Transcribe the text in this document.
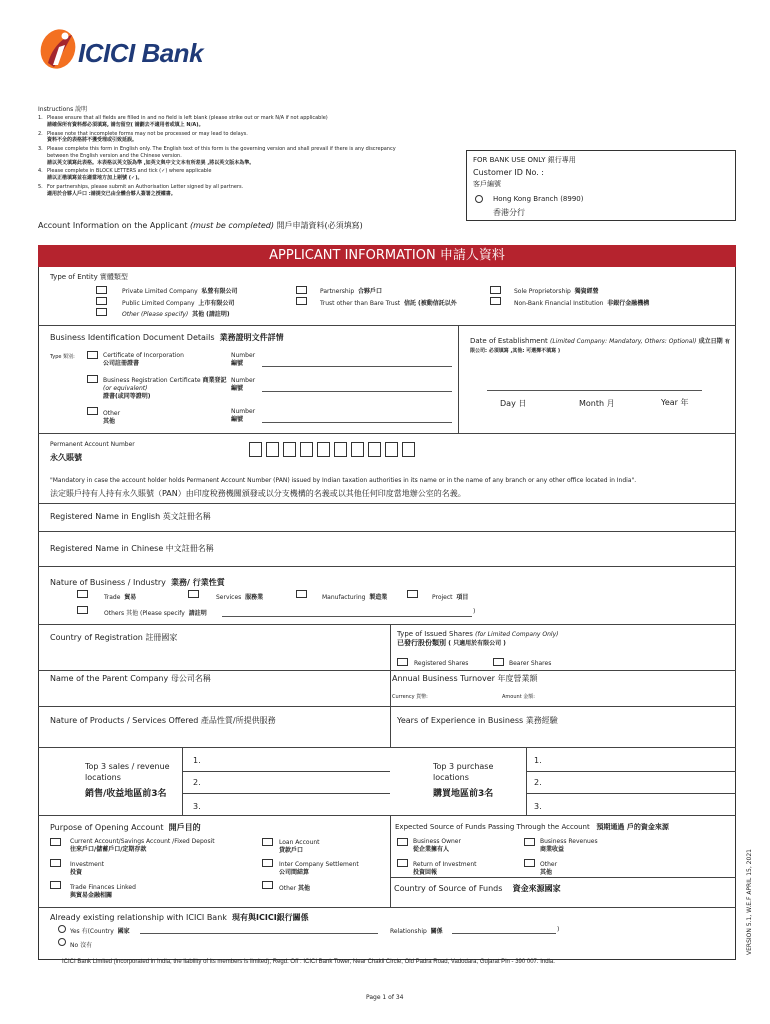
ICICI Bank
Instructions 說明
1. Please ensure that all fields are filled in and no field is left blank (please strike out or mark N/A if not applicable)
請確保所有資料都必須填寫, 請勿留空( 請劃去不適用者或填上 N/A)。
2. Please note that incomplete forms may not be processed or may lead to delays.
資料不全的表格將不獲受理或引致延誤。
3. Please complete this form in English only. The English text of this form is the governing version and shall prevail if there is any discrepancy between the English version and the Chinese version.
請以英文填寫此表格。本表格以英文版為準 ,如英文與中文文本有所差異 ,將以英文版本為準。
4. Please complete in BLOCK LETTERS and tick (✓) where applicable
請以正楷填寫並在適當地方加上剔號 (✓)。
5. For partnerships, please submit an Authorisation Letter signed by all partners.
適用於合夥人戶口 :請提交已由全體合夥人簽署之授權書。
FOR BANK USE ONLY 銀行專用
Customer ID No. :
客戶編號
Hong Kong Branch (8990)
香港分行
Account Information on the Applicant (must be completed) 開戶申請資料(必須填寫)
APPLICANT INFORMATION 申請人資料
Type of Entity 實體類型
Private Limited Company 私營有限公司	Partnership 合夥戶口	Sole Proprietorship 獨資經營
Public Limited Company 上市有限公司	Trust other than Bare Trust 信託 (被動信託以外	Non-Bank Financial Institution 非銀行金融機構
Other (Please specify) 其他 (請註明)
Business Identification Document Details 業務證明文件詳情
Type 類別:	Certificate of Incorporation
公司註冊證書
Number
編號
Business Registration Certificate 商業登記
(or equivalent)
證書(或同等證明)
Number
編號
Other
其他
Number
編號
Date of Establishment (Limited Company: Mandatory, Others: Optional) 成立日期 有限公司: 必須填寫 ,其他: 可選擇不填寫 )
Day 日	Month 月	Year 年
Permanent Account Number
永久賬號
"Mandatory in case the account holder holds Permanent Account Number (PAN) issued by Indian taxation authorities in its name or in the name of any branch or any other office located in India".
法定賬戶持有人持有永久賬號（PAN）由印度稅務機關頒發或以分支機構的名義或以其他任何印度當地辦公室的名義。
Registered Name in English 英文註冊名稱
Registered Name in Chinese 中文註冊名稱
Nature of Business / Industry 業務/ 行業性質
Trade 貿易	Services 服務業	Manufacturing 製造業	Project 項目
Others 其他 (Please specify 請註明	)
Country of Registration 註冊國家	Type of Issued Shares (for Limited Company Only)
已發行股份類別 ( 只適用於有限公司 )
Registered Shares	Bearer Shares
Name of the Parent Company 母公司名稱	Annual Business Turnover 年度營業額
Currency 貨幣:	Amount 金額:
Nature of Products / Services Offered 產品性質/所提供服務	Years of Experience in Business 業務經驗
Top 3 sales / revenue locations
銷售/收益地區前3名
1.
2.
3.
Top 3 purchase locations
購買地區前3名
1.
2.
3.
Purpose of Opening Account 開戶目的
Current Account/Savings Account /Fixed Deposit
往來戶口/儲蓄戶口/定期存款
Loan Account
貸款戶口
Investment
投資
Inter Company Settlement
公司間結算
Trade Finances Linked
與貿易金融相關
Other 其他
Expected Source of Funds Passing Through the Account 預期通過 戶的資金來源
Business Owner
從企業擁有人
Business Revenues
商業收益
Return of Investment
投資回報
Other
其他
Country of Source of Funds 資金來源國家
Already existing relationship with ICICI Bank 現有與ICICI銀行關係
Yes 有(Country 國家	Relationship 關係	)
No 沒有
ICICI Bank Limited (incorporated in India, the liability of its members is limited), Regd. Off : ICICI Bank Tower, Near Chakli Circle, Old Padra Road, Vadodara, Gujarat Pin - 390 007. India.
Page 1 of 34
VERSION 5.1, W.E.F APRIL 15, 2021
